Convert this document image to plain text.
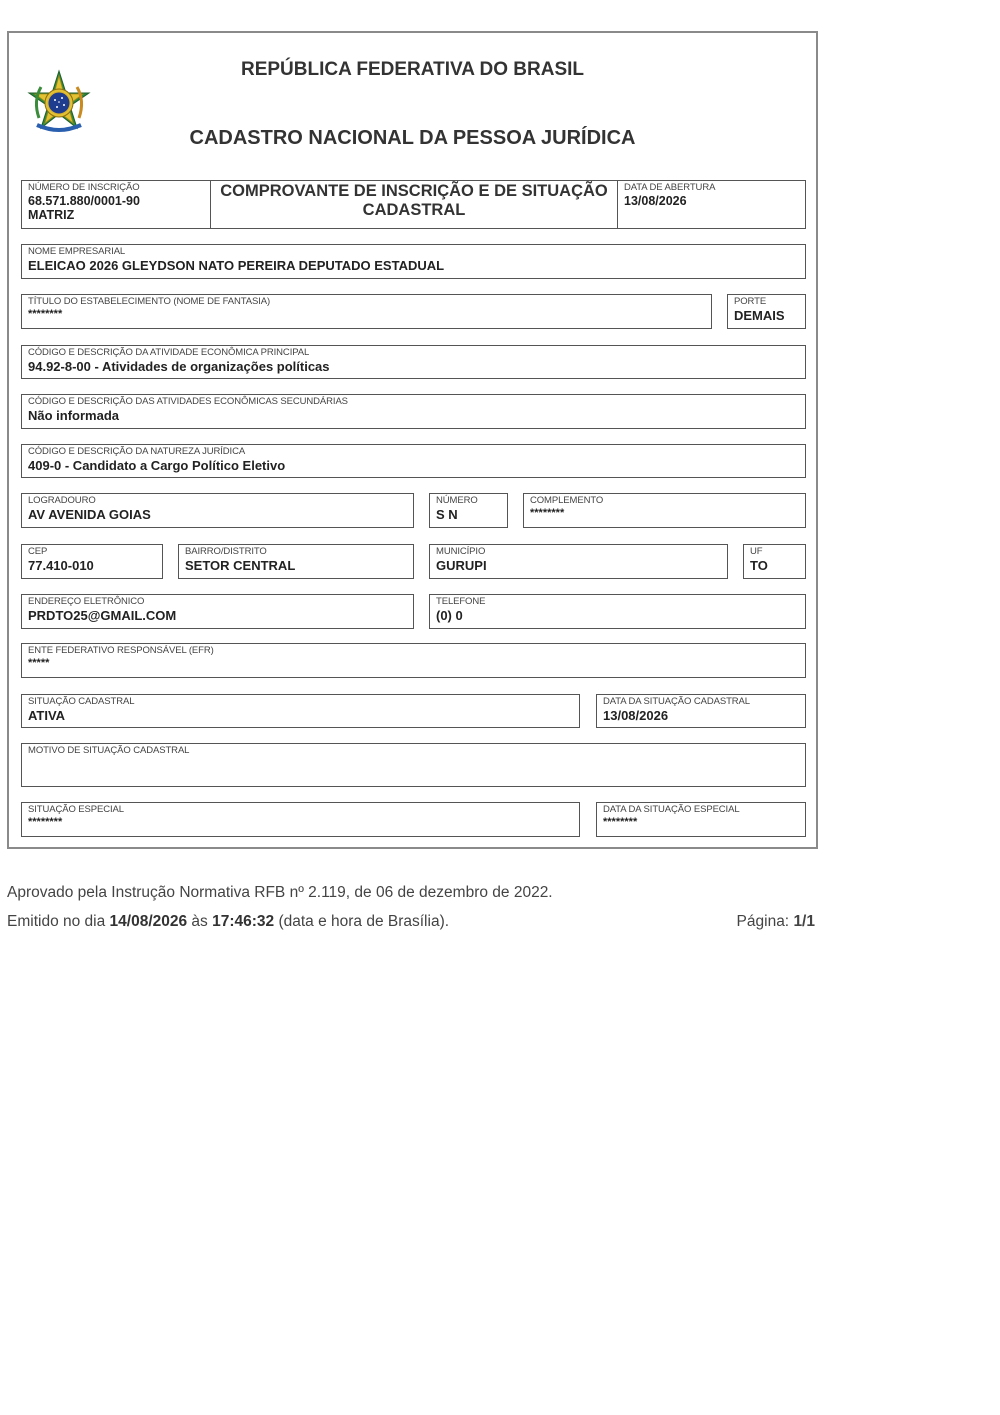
REPÚBLICA FEDERATIVA DO BRASIL
CADASTRO NACIONAL DA PESSOA JURÍDICA
NÚMERO DE INSCRIÇÃO
68.571.880/0001-90
MATRIZ
COMPROVANTE DE INSCRIÇÃO E DE SITUAÇÃO
CADASTRAL
DATA DE ABERTURA
13/08/2026
NOME EMPRESARIAL
ELEICAO 2026 GLEYDSON NATO PEREIRA DEPUTADO ESTADUAL
TÍTULO DO ESTABELECIMENTO (NOME DE FANTASIA)
********
PORTE
DEMAIS
CÓDIGO E DESCRIÇÃO DA ATIVIDADE ECONÔMICA PRINCIPAL
94.92-8-00 - Atividades de organizações políticas
CÓDIGO E DESCRIÇÃO DAS ATIVIDADES ECONÔMICAS SECUNDÁRIAS
Não informada
CÓDIGO E DESCRIÇÃO DA NATUREZA JURÍDICA
409-0 - Candidato a Cargo Político Eletivo
LOGRADOURO
AV AVENIDA GOIAS
NÚMERO
S N
COMPLEMENTO
********
CEP
77.410-010
BAIRRO/DISTRITO
SETOR CENTRAL
MUNICÍPIO
GURUPI
UF
TO
ENDEREÇO ELETRÔNICO
PRDTO25@GMAIL.COM
TELEFONE
(0) 0
ENTE FEDERATIVO RESPONSÁVEL (EFR)
*****
SITUAÇÃO CADASTRAL
ATIVA
DATA DA SITUAÇÃO CADASTRAL
13/08/2026
MOTIVO DE SITUAÇÃO CADASTRAL
SITUAÇÃO ESPECIAL
********
DATA DA SITUAÇÃO ESPECIAL
********
Aprovado pela Instrução Normativa RFB nº 2.119, de 06 de dezembro de 2022.
Emitido no dia 14/08/2026 às 17:46:32 (data e hora de Brasília).	Página: 1/1
